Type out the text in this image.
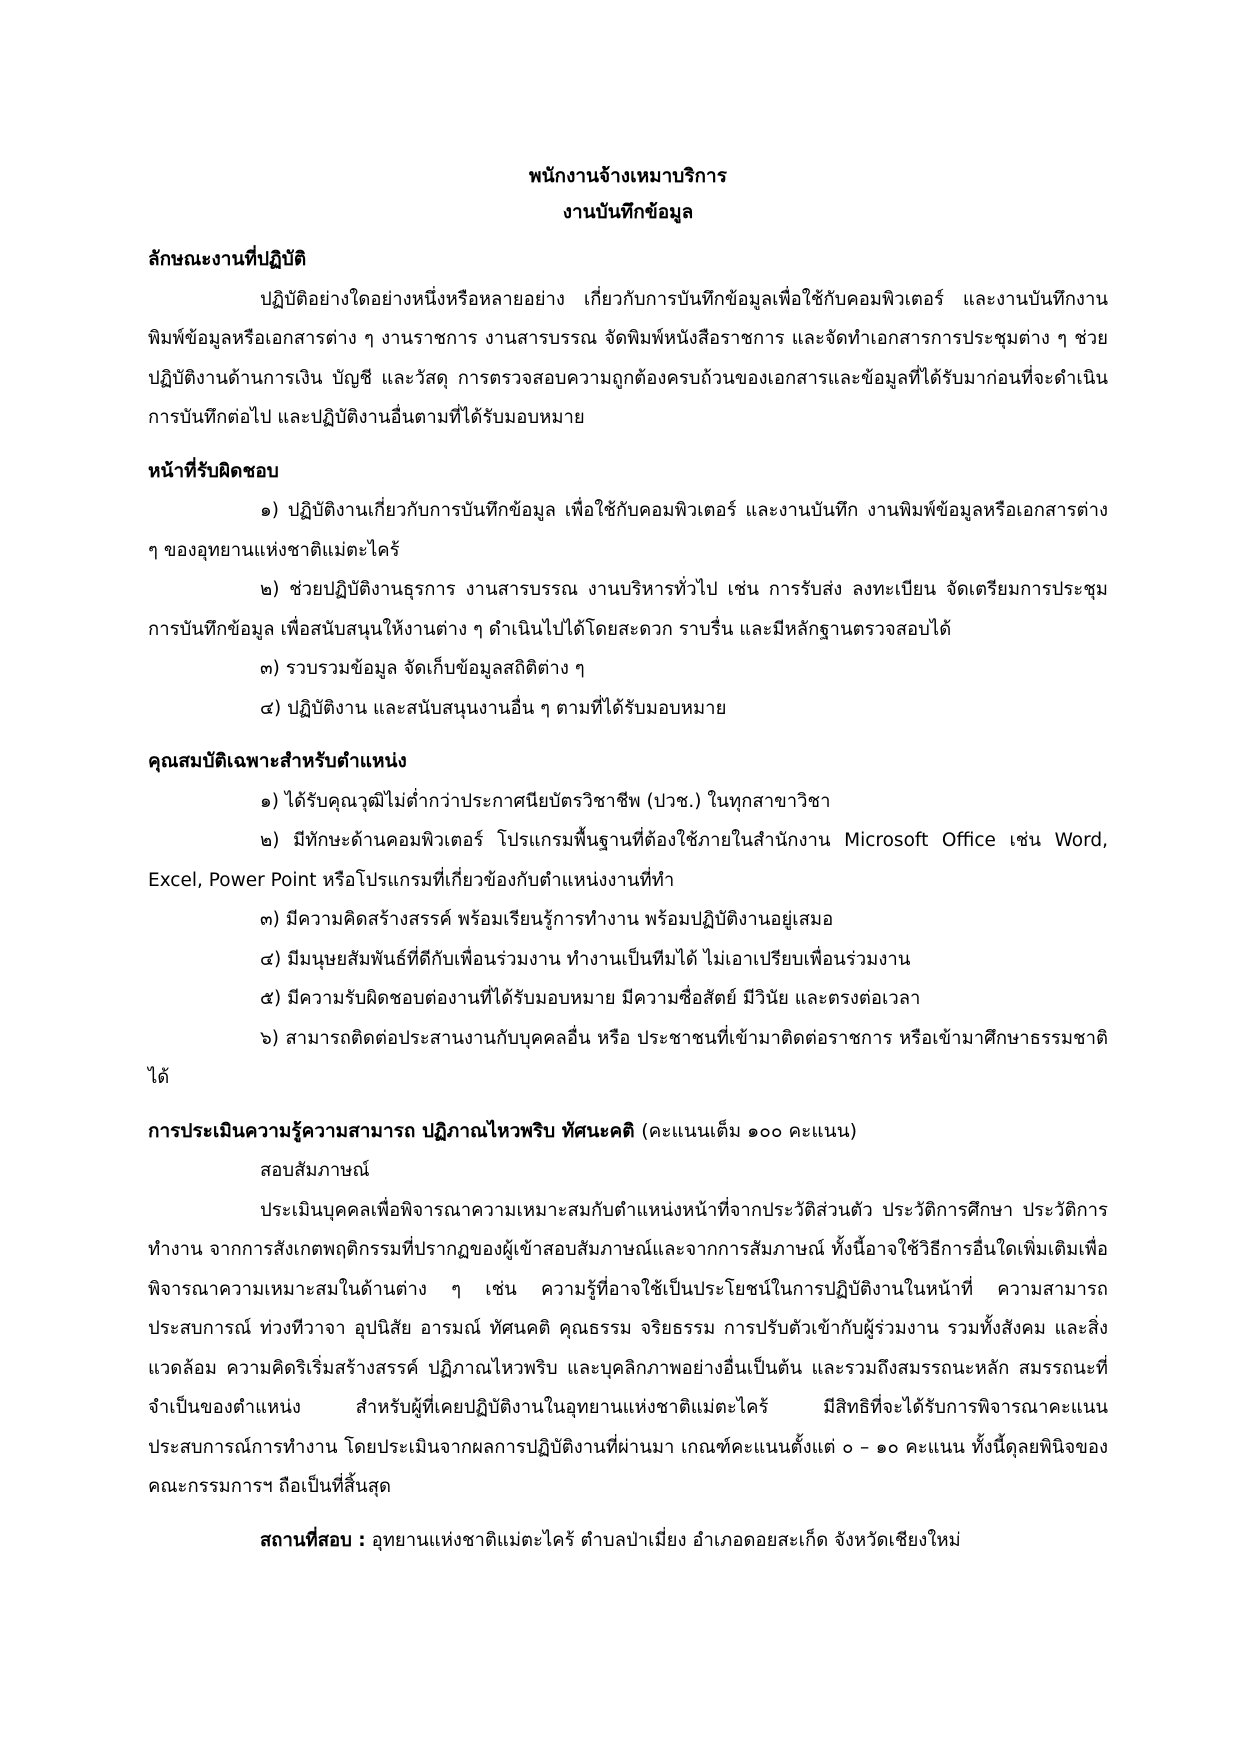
พนักงานจ้างเหมาบริการ
งานบันทึกข้อมูล

ลักษณะงานที่ปฏิบัติ

ปฏิบัติอย่างใดอย่างหนึ่งหรือหลายอย่าง เกี่ยวกับการบันทึกข้อมูลเพื่อใช้กับคอมพิวเตอร์ และงานบันทึกงานพิมพ์ข้อมูลหรือเอกสารต่าง ๆ งานราชการ งานสารบรรณ จัดพิมพ์หนังสือราชการ และจัดทำเอกสารการประชุมต่าง ๆ ช่วยปฏิบัติงานด้านการเงิน บัญชี และวัสดุ การตรวจสอบความถูกต้องครบถ้วนของเอกสารและข้อมูลที่ได้รับมาก่อนที่จะดำเนินการบันทึกต่อไป และปฏิบัติงานอื่นตามที่ได้รับมอบหมาย

หน้าที่รับผิดชอบ

๑) ปฏิบัติงานเกี่ยวกับการบันทึกข้อมูล เพื่อใช้กับคอมพิวเตอร์ และงานบันทึก งานพิมพ์ข้อมูลหรือเอกสารต่าง ๆ ของอุทยานแห่งชาติแม่ตะไคร้

๒) ช่วยปฏิบัติงานธุรการ งานสารบรรณ งานบริหารทั่วไป เช่น การรับส่ง ลงทะเบียน จัดเตรียมการประชุม การบันทึกข้อมูล เพื่อสนับสนุนให้งานต่าง ๆ ดำเนินไปได้โดยสะดวก ราบรื่น และมีหลักฐานตรวจสอบได้

๓) รวบรวมข้อมูล จัดเก็บข้อมูลสถิติต่าง ๆ

๔) ปฏิบัติงาน และสนับสนุนงานอื่น ๆ ตามที่ได้รับมอบหมาย

คุณสมบัติเฉพาะสำหรับตำแหน่ง

๑) ได้รับคุณวุฒิไม่ต่ำกว่าประกาศนียบัตรวิชาชีพ (ปวช.) ในทุกสาขาวิชา

๒) มีทักษะด้านคอมพิวเตอร์ โปรแกรมพื้นฐานที่ต้องใช้ภายในสำนักงาน Microsoft Office เช่น Word, Excel, Power Point หรือโปรแกรมที่เกี่ยวข้องกับตำแหน่งงานที่ทำ

๓) มีความคิดสร้างสรรค์ พร้อมเรียนรู้การทำงาน พร้อมปฏิบัติงานอยู่เสมอ

๔) มีมนุษยสัมพันธ์ที่ดีกับเพื่อนร่วมงาน ทำงานเป็นทีมได้ ไม่เอาเปรียบเพื่อนร่วมงาน

๕) มีความรับผิดชอบต่องานที่ได้รับมอบหมาย มีความซื่อสัตย์ มีวินัย และตรงต่อเวลา

๖) สามารถติดต่อประสานงานกับบุคคลอื่น หรือ ประชาชนที่เข้ามาติดต่อราชการ หรือเข้ามาศึกษาธรรมชาติได้

การประเมินความรู้ความสามารถ ปฏิภาณไหวพริบ ทัศนะคติ (คะแนนเต็ม ๑๐๐ คะแนน)

สอบสัมภาษณ์

ประเมินบุคคลเพื่อพิจารณาความเหมาะสมกับตำแหน่งหน้าที่จากประวัติส่วนตัว ประวัติการศึกษา ประวัติการทำงาน จากการสังเกตพฤติกรรมที่ปรากฏของผู้เข้าสอบสัมภาษณ์และจากการสัมภาษณ์ ทั้งนี้อาจใช้วิธีการอื่นใดเพิ่มเติมเพื่อพิจารณาความเหมาะสมในด้านต่าง ๆ เช่น ความรู้ที่อาจใช้เป็นประโยชน์ในการปฏิบัติงานในหน้าที่ ความสามารถ ประสบการณ์ ท่วงทีวาจา อุปนิสัย อารมณ์ ทัศนคติ คุณธรรม จริยธรรม การปรับตัวเข้ากับผู้ร่วมงาน รวมทั้งสังคม และสิ่งแวดล้อม ความคิดริเริ่มสร้างสรรค์ ปฏิภาณไหวพริบ และบุคลิกภาพอย่างอื่นเป็นต้น และรวมถึงสมรรถนะหลัก สมรรถนะที่จำเป็นของตำแหน่ง สำหรับผู้ที่เคยปฏิบัติงานในอุทยานแห่งชาติแม่ตะไคร้ มีสิทธิที่จะได้รับการพิจารณาคะแนนประสบการณ์การทำงาน โดยประเมินจากผลการปฏิบัติงานที่ผ่านมา เกณฑ์คะแนนตั้งแต่ ๐ – ๑๐ คะแนน ทั้งนี้ดุลยพินิจของคณะกรรมการฯ ถือเป็นที่สิ้นสุด

สถานที่สอบ : อุทยานแห่งชาติแม่ตะไคร้ ตำบลป่าเมี่ยง อำเภอดอยสะเก็ด จังหวัดเชียงใหม่
